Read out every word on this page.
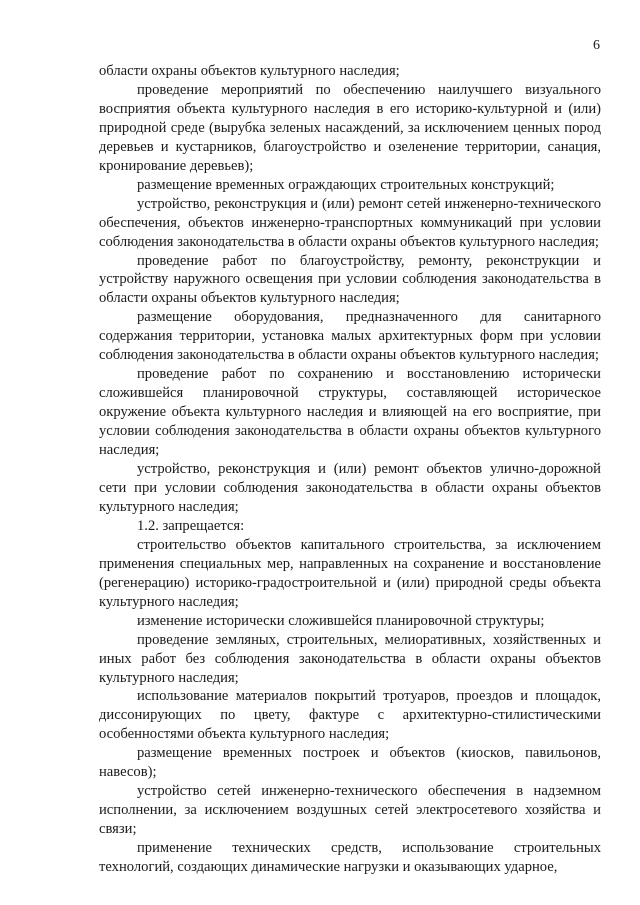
6

области охраны объектов культурного наследия;

проведение мероприятий по обеспечению наилучшего визуального восприятия объекта культурного наследия в его историко-культурной и (или) природной среде (вырубка зеленых насаждений, за исключением ценных пород деревьев и кустарников, благоустройство и озеленение территории, санация, кронирование деревьев);

размещение временных ограждающих строительных конструкций;

устройство, реконструкция и (или) ремонт сетей инженерно-технического обеспечения, объектов инженерно-транспортных коммуникаций при условии соблюдения законодательства в области охраны объектов культурного наследия;

проведение работ по благоустройству, ремонту, реконструкции и устройству наружного освещения при условии соблюдения законодательства в области охраны объектов культурного наследия;

размещение оборудования, предназначенного для санитарного содержания территории, установка малых архитектурных форм при условии соблюдения законодательства в области охраны объектов культурного наследия;

проведение работ по сохранению и восстановлению исторически сложившейся планировочной структуры, составляющей историческое окружение объекта культурного наследия и влияющей на его восприятие, при условии соблюдения законодательства в области охраны объектов культурного наследия;

устройство, реконструкция и (или) ремонт объектов улично-дорожной сети при условии соблюдения законодательства в области охраны объектов культурного наследия;

1.2. запрещается:

строительство объектов капитального строительства, за исключением применения специальных мер, направленных на сохранение и восстановление (регенерацию) историко-градостроительной и (или) природной среды объекта культурного наследия;

изменение исторически сложившейся планировочной структуры;

проведение земляных, строительных, мелиоративных, хозяйственных и иных работ без соблюдения законодательства в области охраны объектов культурного наследия;

использование материалов покрытий тротуаров, проездов и площадок, диссонирующих по цвету, фактуре с архитектурно-стилистическими особенностями объекта культурного наследия;

размещение временных построек и объектов (киосков, павильонов, навесов);

устройство сетей инженерно-технического обеспечения в надземном исполнении, за исключением воздушных сетей электросетевого хозяйства и связи;

применение технических средств, использование строительных технологий, создающих динамические нагрузки и оказывающих ударное,
